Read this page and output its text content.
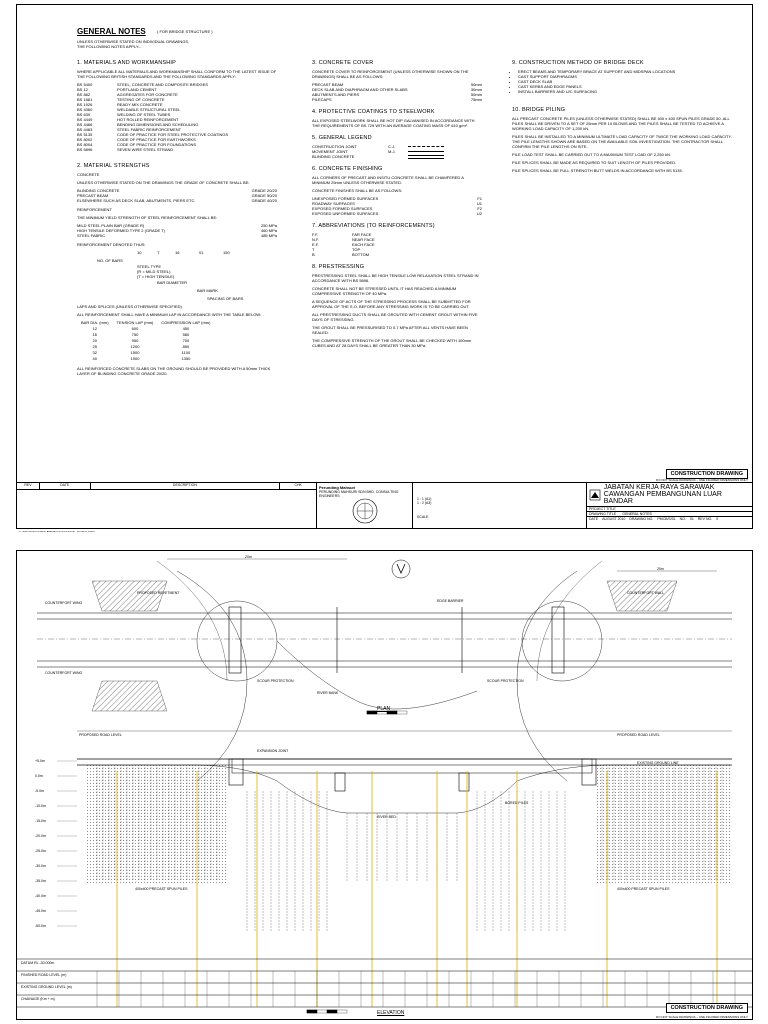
GENERAL NOTES	( FOR BRIDGE STRUCTURE )
UNLESS OTHERWISE STATED ON INDIVIDUAL DRAWINGS, THE FOLLOWING NOTES APPLY:-
1. MATERIALS AND WORKMANSHIP

WHERE APPLICABLE ALL MATERIALS AND WORKMANSHIP SHALL CONFORM TO THE LATEST ISSUE OF THE FOLLOWING BRITISH STANDARDS AND THE FOLLOWING STANDARDS APPLY:

BS 5400	STEEL, CONCRETE AND COMPOSITE BRIDGES
BS 12	PORTLAND CEMENT
BS 882	AGGREGATES FOR CONCRETE
BS 1881	TESTING OF CONCRETE
BS 1926	READY MIX CONCRETE
BS 4360	WELDABLE STRUCTURAL STEEL
BS 639	WELDING OF STEEL TUBES
BS 4449	HOT ROLLED REINFORCEMENT
BS 4466	BENDING DIMENSIONS AND SCHEDULING
BS 4483	STEEL FABRIC REINFORCEMENT
BS 5135	CODE OF PRACTICE FOR STEEL PROTECTIVE COATINGS
BS 8002	CODE OF PRACTICE FOR EARTHWORKS
BS 8004	CODE OF PRACTICE FOR FOUNDATIONS
BS 5896	SEVEN WIRE STEEL STRAND
2. MATERIAL STRENGTHS

CONCRETE

UNLESS OTHERWISE STATED ON THE DRAWINGS THE GRADE OF CONCRETE SHALL BE:

BLINDING CONCRETE	GRADE 20/20
PRECAST BEAM	GRADE 50/20
ELSEWHERE SUCH AS DECK SLAB, ABUTMENTS, PIERS ETC.	GRADE 40/20

REINFORCEMENT

THE MINIMUM YIELD STRENGTH OF STEEL REINFORCEMENT SHALL BE:

MILD STEEL PLAIN BAR (GRADE R)	250 MPa
HIGH TENSILE DEFORMED TYPE 2 (GRADE T)	460 MPa
STEEL FABRIC	485 MPa

REINFORCEMENT DENOTED THUS:

10	T	16	01	150
NO. OF BARS
STEEL TYPE
(R = MILD STEEL)
(T = HIGH TENSILE)
BAR DIAMETER
BAR MARK
SPACING OF BARS

LAPS AND SPLICES (UNLESS OTHERWISE SPECIFIED)

ALL REINFORCEMENT SHALL HAVE A MINIMUM LAP IN ACCORDANCE WITH THE TABLE BELOW:

BAR DIA. (mm)	TENSION LAP (mm)	COMPRESSION LAP (mm)
12	600	450
16	750	580
20	950	700
25	1200	850
32	1500	1100
40	1900	1350

ALL REINFORCED CONCRETE SLABS ON THE GROUND SHOULD BE PROVIDED WITH A 50mm THICK LAYER OF BLINDING CONCRETE GRADE 20/20.

3. CONCRETE COVER

CONCRETE COVER TO REINFORCEMENT (UNLESS OTHERWISE SHOWN ON THE DRAWINGS) SHALL BE AS FOLLOWS:

PRECAST BEAM	50mm
DECK SLAB AND DIAPHRAGM AND OTHER SLABS	30mm
ABUTMENTS AND PIERS	50mm
PILECAPS	75mm
4. PROTECTIVE COATINGS TO STEELWORK

ALL EXPOSED STEELWORK SHALL BE HOT DIP GALVANISED IN ACCORDANCE WITH THE REQUIREMENTS OF BS 729 WITH AN AVERAGE COATING MASS OF 610 g/m².

5. GENERAL LEGEND
CONSTRUCTION JOINT	C.J.
MOVEMENT JOINT	M.J.
BLINDING CONCRETE
6. CONCRETE FINISHING

ALL CORNERS OF PRECAST AND INSITU CONCRETE SHALL BE CHAMFERED A MINIMUM 25mm UNLESS OTHERWISE STATED.

CONCRETE FINISHES SHALL BE AS FOLLOWS:

UNEXPOSED FORMED SURFACES	F1
ROADWAY SURFACES	U1
EXPOSED FORMED SURFACES	F2
EXPOSED UNFORMED SURFACES	U2
7. ABBREVIATIONS (TO REINFORCEMENTS)
F.F.	FAR FACE
N.F.	NEAR FACE
E.F.	EACH FACE
T	TOP
B	BOTTOM
8. PRESTRESSING

PRESTRESSING STEEL SHALL BE HIGH TENSILE LOW RELAXATION STEEL STRAND IN ACCORDANCE WITH BS 5896.

CONCRETE SHALL NOT BE STRESSED UNTIL IT HAS REACHED A MINIMUM COMPRESSIVE STRENGTH OF 40 MPa.

A SEQUENCE OF ACTS OF THE STRESSING PROCESS SHALL BE SUBMITTED FOR APPROVAL OF THE S.O. BEFORE ANY STRESSING WORK IS TO BE CARRIED OUT.

ALL PRESTRESSING DUCTS SHALL BE GROUTED WITH CEMENT GROUT WITHIN FIVE DAYS OF STRESSING.

THE GROUT SHALL BE PRESSURISED TO 0.7 MPa AFTER ALL VENTS HAVE BEEN SEALED.

THE COMPRESSIVE STRENGTH OF THE GROUT SHALL BE CHECKED WITH 100mm CUBES AND AT 28 DAYS SHALL BE GREATER THAN 30 MPa.

9. CONSTRUCTION METHOD OF BRIDGE DECK
• ERECT BEAMS AND TEMPORARY BRACE AT SUPPORT AND MIDSPAN LOCATIONS
• CAST SUPPORT DIAPHRAGMS
• CAST DECK SLAB
• CAST KERBS AND EDGE PANELS
• INSTALL BARRIERS AND U/C SURFACING
10. BRIDGE PILING

ALL PRECAST CONCRETE PILES (UNLESS OTHERWISE STATED) SHALL BE 400 x 400 SPUN PILES GRADE 50. ALL PILES SHALL BE DRIVEN TO A SET OF 25mm PER 10 BLOWS AND THE PILES SHALL BE TESTED TO ACHIEVE A WORKING LOAD CAPACITY OF 1,200 kN.

PILES SHALL BE INSTALLED TO A MINIMUM ULTIMATE LOAD CAPACITY OF TWICE THE WORKING LOAD CAPACITY. THE PILE LENGTHS SHOWN ARE BASED ON THE AVAILABLE SOIL INVESTIGATION. THE CONTRACTOR SHALL CONFIRM THE PILE LENGTHS ON SITE.

PILE LOAD TEST SHALL BE CARRIED OUT TO A MAXIMUM TEST LOAD OF 2,250 kN.

PILE SPLICES SHALL BE MADE AS REQUIRED TO SUIT LENGTH OF PILES PROVIDED.

PILE SPLICES SHALL BE FULL STRENGTH BUTT WELDS IN ACCORDANCE WITH BS 5135.

CONSTRUCTION DRAWING
DO NOT SCALE DRAWINGS – USE FIGURED DIMENSIONS ONLY
REV	DATE	DESCRIPTION	CHK	Perunding Mahsuri
PERUNDING MAHSURI SDN BHD, CONSULTING ENGINEERS
1 : 1 (A1)
1 : 2 (A3)
SCALE
JABATAN KERJA RAYA SARAWAK
CAWANGAN PEMBANGUNAN LUAR BANDAR
PROJECT TITLE
DRAWING TITLE GENERAL NOTES
DATE AUGUST 2010 DRAWING NO. PMCB/S/01 NO. 01 REV NO. 0
20m
20m
COUNTERFORT WING
COUNTERFORT WING
RIVER BANK
EDGE BARRIER
SCOUR PROTECTION	SCOUR PROTECTION
PROPOSED REVETMENT	COUNTERFORT WALL
PLAN
PROPOSED ROAD LEVEL	PROPOSED ROAD LEVEL
EXPANSION JOINT
EXISTING GROUND LINE
400x400 PRECAST SPUN PILES	400x400 PRECAST SPUN PILES
BORED PILES
RIVER BED
+5.0m
0.0m
-5.0m
-10.0m
-15.0m
-20.0m
-25.0m
-30.0m
-35.0m
-40.0m
-45.0m
-50.0m
DATUM RL -30.000m
FINISHED ROAD LEVEL (m)
EXISTING GROUND LEVEL (m)
CHAINAGE (Km + m)
ELEVATION
CONSTRUCTION DRAWING
DO NOT SCALE DRAWINGS – USE FIGURED DIMENSIONS ONLY
